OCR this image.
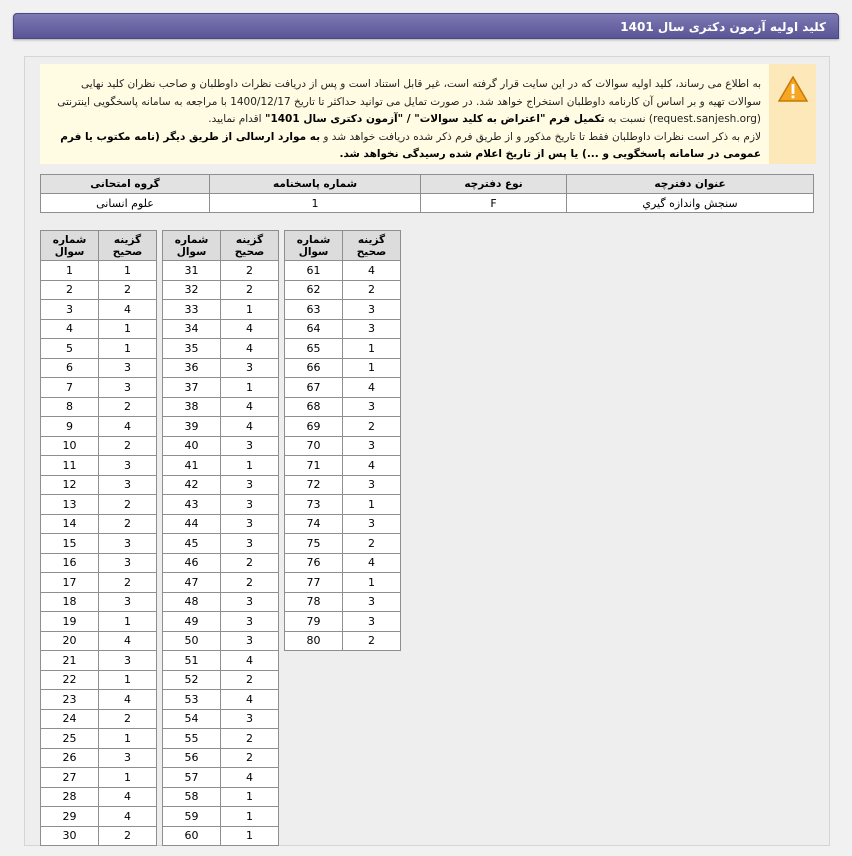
کلید اولیه آزمون دکتری سال 1401
به اطلاع می رساند، کلید اولیه سوالات که در این سایت قرار گرفته است، غیر قابل استناد است و پس از دریافت نظرات داوطلبان و صاحب نظران کلید نهایی سوالات تهیه و بر اساس آن کارنامه داوطلبان استخراج خواهد شد. در صورت تمایل می توانید حداکثر تا تاریخ 1400/12/17 با مراجعه به سامانه پاسخگویی اینترنتی (request.sanjesh.org) نسبت به تکمیل فرم "اعتراض به کلید سوالات" / "آزمون دکتری سال 1401" اقدام نمایید.
لازم به ذکر است نظرات داوطلبان فقط تا تاریخ مذکور و از طریق فرم ذکر شده دریافت خواهد شد و به موارد ارسالی از طریق دیگر (نامه مکتوب یا فرم عمومی در سامانه پاسخگویی و ...) یا پس از تاریخ اعلام شده رسیدگی نخواهد شد.
عنوان دفترچه	نوع دفترچه	شماره پاسخنامه	گروه امتحانی
سنجش واندازه گیري	F	1	علوم انسانی
شماره سوال	گزینه صحیح
1	1
2	2
3	4
4	1
5	1
6	3
7	3
8	2
9	4
10	2
11	3
12	3
13	2
14	2
15	3
16	3
17	2
18	3
19	1
20	4
21	3
22	1
23	4
24	2
25	1
26	3
27	1
28	4
29	4
30	2
شماره سوال	گزینه صحیح
31	2
32	2
33	1
34	4
35	4
36	3
37	1
38	4
39	4
40	3
41	1
42	3
43	3
44	3
45	3
46	2
47	2
48	3
49	3
50	3
51	4
52	2
53	4
54	3
55	2
56	2
57	4
58	1
59	1
60	1
شماره سوال	گزینه صحیح
61	4
62	2
63	3
64	3
65	1
66	1
67	4
68	3
69	2
70	3
71	4
72	3
73	1
74	3
75	2
76	4
77	1
78	3
79	3
80	2
